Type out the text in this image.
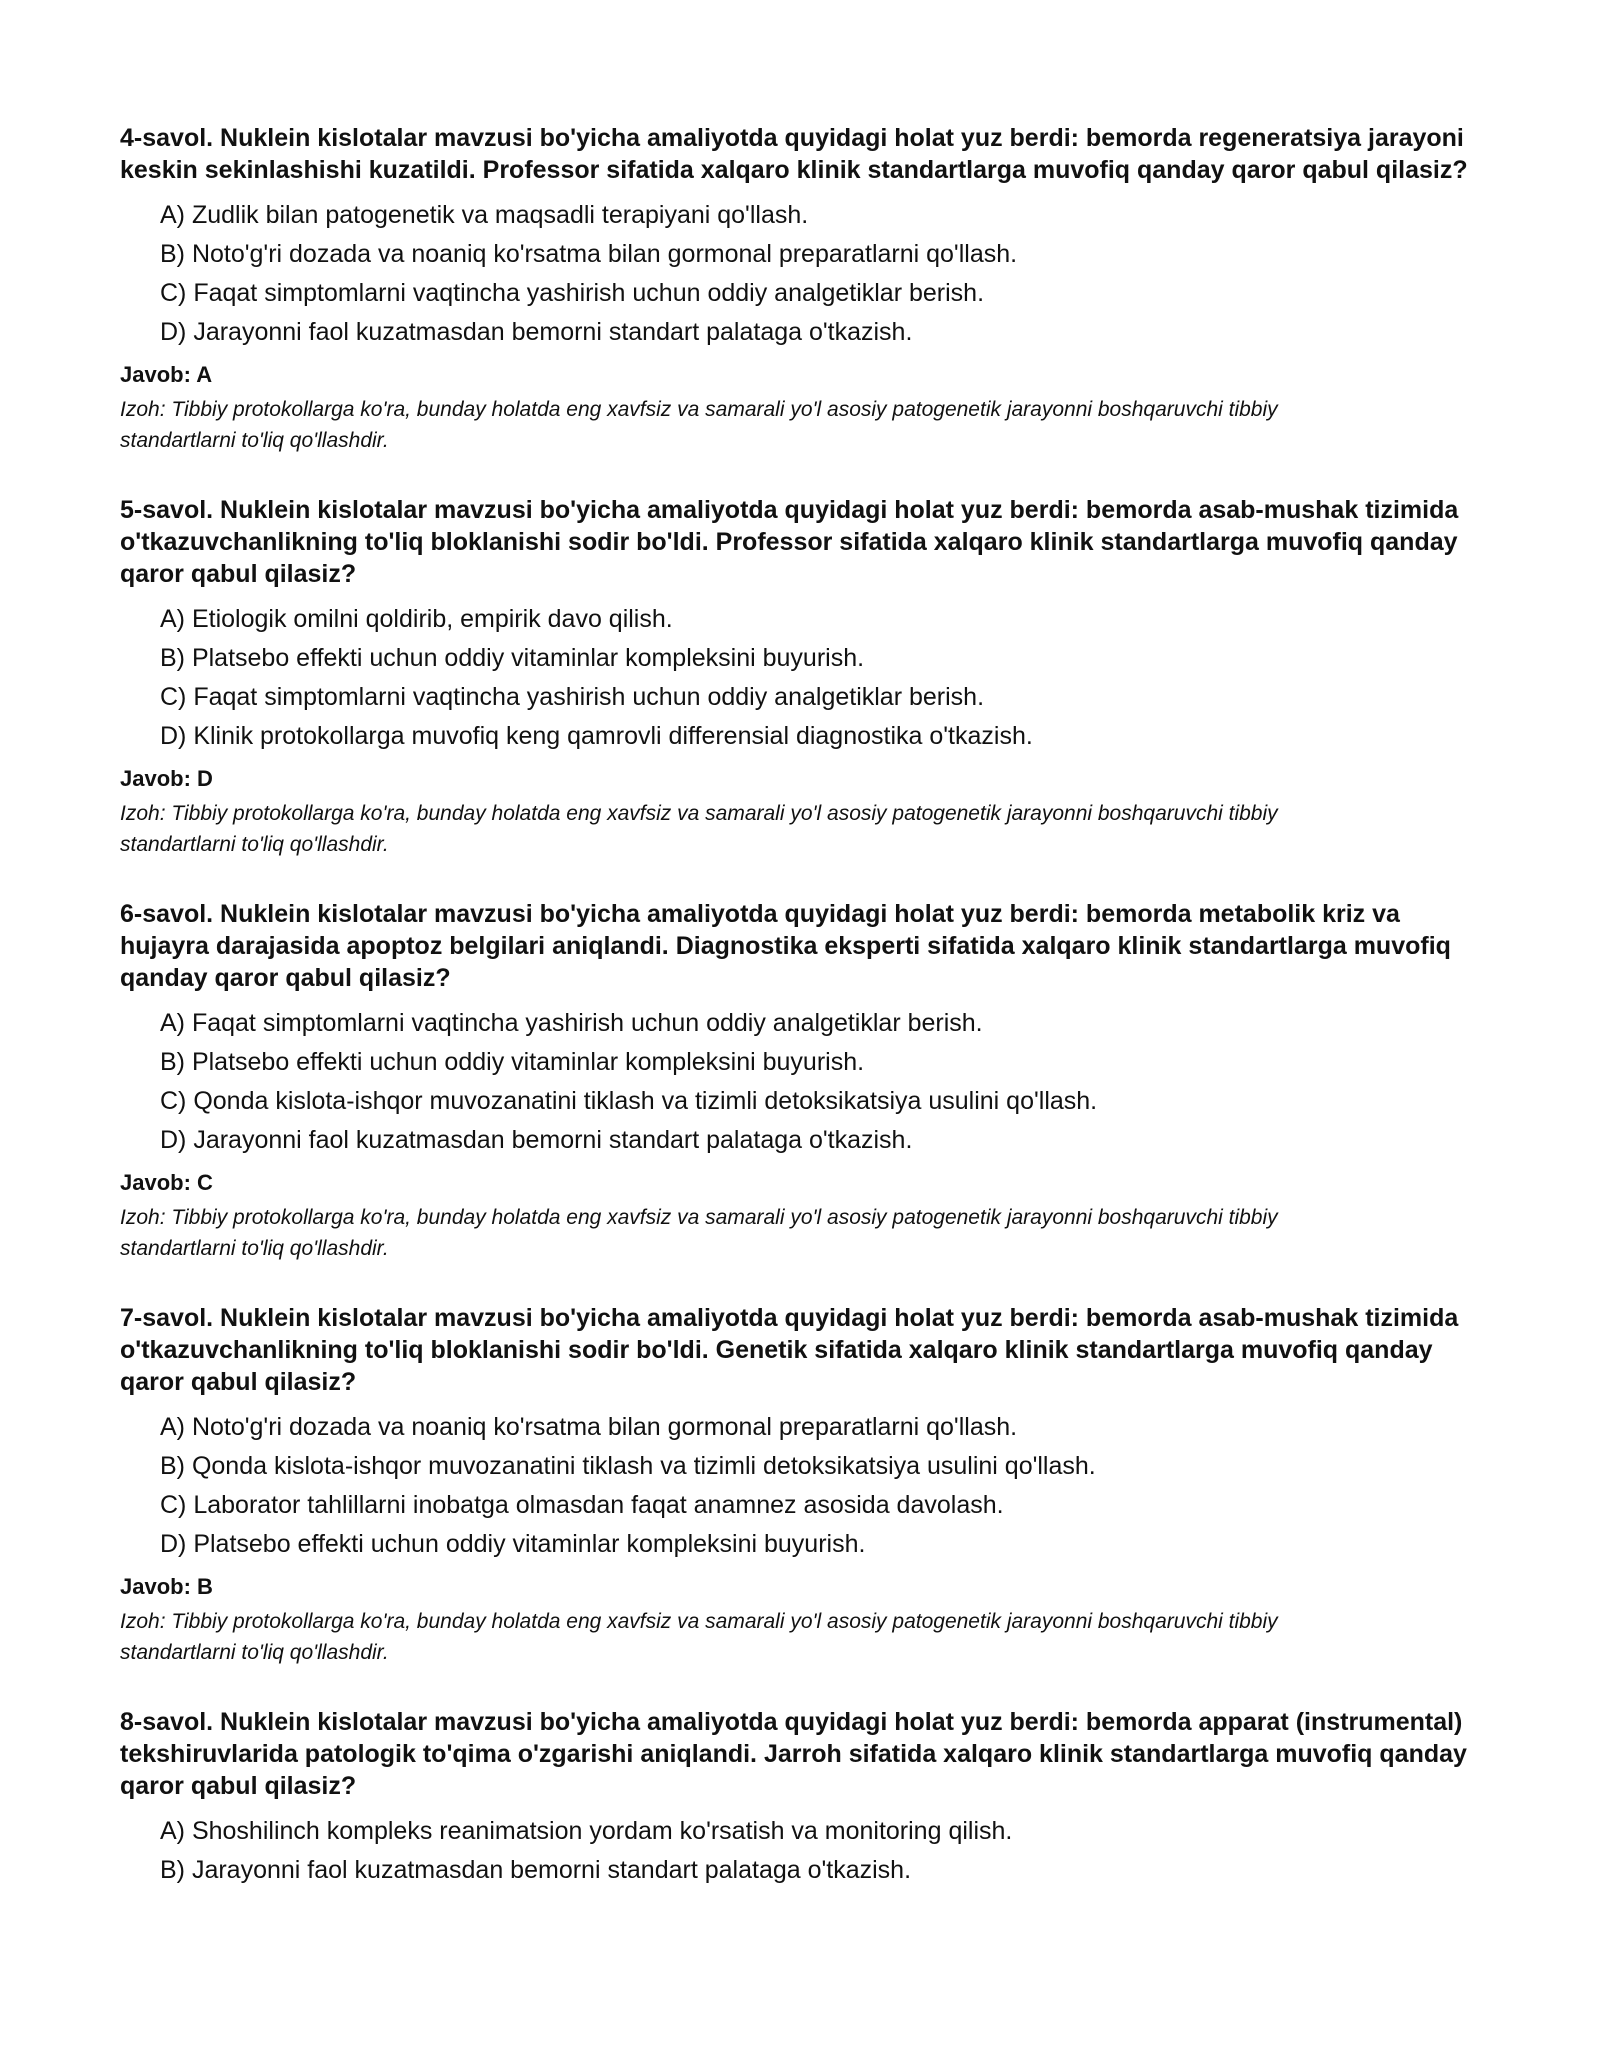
4-savol. Nuklein kislotalar mavzusi bo'yicha amaliyotda quyidagi holat yuz berdi: bemorda regeneratsiya jarayoni keskin sekinlashishi kuzatildi. Professor sifatida xalqaro klinik standartlarga muvofiq qanday qaror qabul qilasiz?
A) Zudlik bilan patogenetik va maqsadli terapiyani qo'llash.
B) Noto'g'ri dozada va noaniq ko'rsatma bilan gormonal preparatlarni qo'llash.
C) Faqat simptomlarni vaqtincha yashirish uchun oddiy analgetiklar berish.
D) Jarayonni faol kuzatmasdan bemorni standart palataga o'tkazish.
Javob: A
Izoh: Tibbiy protokollarga ko'ra, bunday holatda eng xavfsiz va samarali yo'l asosiy patogenetik jarayonni boshqaruvchi tibbiy standartlarni to'liq qo'llashdir.
5-savol. Nuklein kislotalar mavzusi bo'yicha amaliyotda quyidagi holat yuz berdi: bemorda asab-mushak tizimida o'tkazuvchanlikning to'liq bloklanishi sodir bo'ldi. Professor sifatida xalqaro klinik standartlarga muvofiq qanday qaror qabul qilasiz?
A) Etiologik omilni qoldirib, empirik davo qilish.
B) Platsebo effekti uchun oddiy vitaminlar kompleksini buyurish.
C) Faqat simptomlarni vaqtincha yashirish uchun oddiy analgetiklar berish.
D) Klinik protokollarga muvofiq keng qamrovli differensial diagnostika o'tkazish.
Javob: D
Izoh: Tibbiy protokollarga ko'ra, bunday holatda eng xavfsiz va samarali yo'l asosiy patogenetik jarayonni boshqaruvchi tibbiy standartlarni to'liq qo'llashdir.
6-savol. Nuklein kislotalar mavzusi bo'yicha amaliyotda quyidagi holat yuz berdi: bemorda metabolik kriz va hujayra darajasida apoptoz belgilari aniqlandi. Diagnostika eksperti sifatida xalqaro klinik standartlarga muvofiq qanday qaror qabul qilasiz?
A) Faqat simptomlarni vaqtincha yashirish uchun oddiy analgetiklar berish.
B) Platsebo effekti uchun oddiy vitaminlar kompleksini buyurish.
C) Qonda kislota-ishqor muvozanatini tiklash va tizimli detoksikatsiya usulini qo'llash.
D) Jarayonni faol kuzatmasdan bemorni standart palataga o'tkazish.
Javob: C
Izoh: Tibbiy protokollarga ko'ra, bunday holatda eng xavfsiz va samarali yo'l asosiy patogenetik jarayonni boshqaruvchi tibbiy standartlarni to'liq qo'llashdir.
7-savol. Nuklein kislotalar mavzusi bo'yicha amaliyotda quyidagi holat yuz berdi: bemorda asab-mushak tizimida o'tkazuvchanlikning to'liq bloklanishi sodir bo'ldi. Genetik sifatida xalqaro klinik standartlarga muvofiq qanday qaror qabul qilasiz?
A) Noto'g'ri dozada va noaniq ko'rsatma bilan gormonal preparatlarni qo'llash.
B) Qonda kislota-ishqor muvozanatini tiklash va tizimli detoksikatsiya usulini qo'llash.
C) Laborator tahlillarni inobatga olmasdan faqat anamnez asosida davolash.
D) Platsebo effekti uchun oddiy vitaminlar kompleksini buyurish.
Javob: B
Izoh: Tibbiy protokollarga ko'ra, bunday holatda eng xavfsiz va samarali yo'l asosiy patogenetik jarayonni boshqaruvchi tibbiy standartlarni to'liq qo'llashdir.
8-savol. Nuklein kislotalar mavzusi bo'yicha amaliyotda quyidagi holat yuz berdi: bemorda apparat (instrumental) tekshiruvlarida patologik to'qima o'zgarishi aniqlandi. Jarroh sifatida xalqaro klinik standartlarga muvofiq qanday qaror qabul qilasiz?
A) Shoshilinch kompleks reanimatsion yordam ko'rsatish va monitoring qilish.
B) Jarayonni faol kuzatmasdan bemorni standart palataga o'tkazish.
